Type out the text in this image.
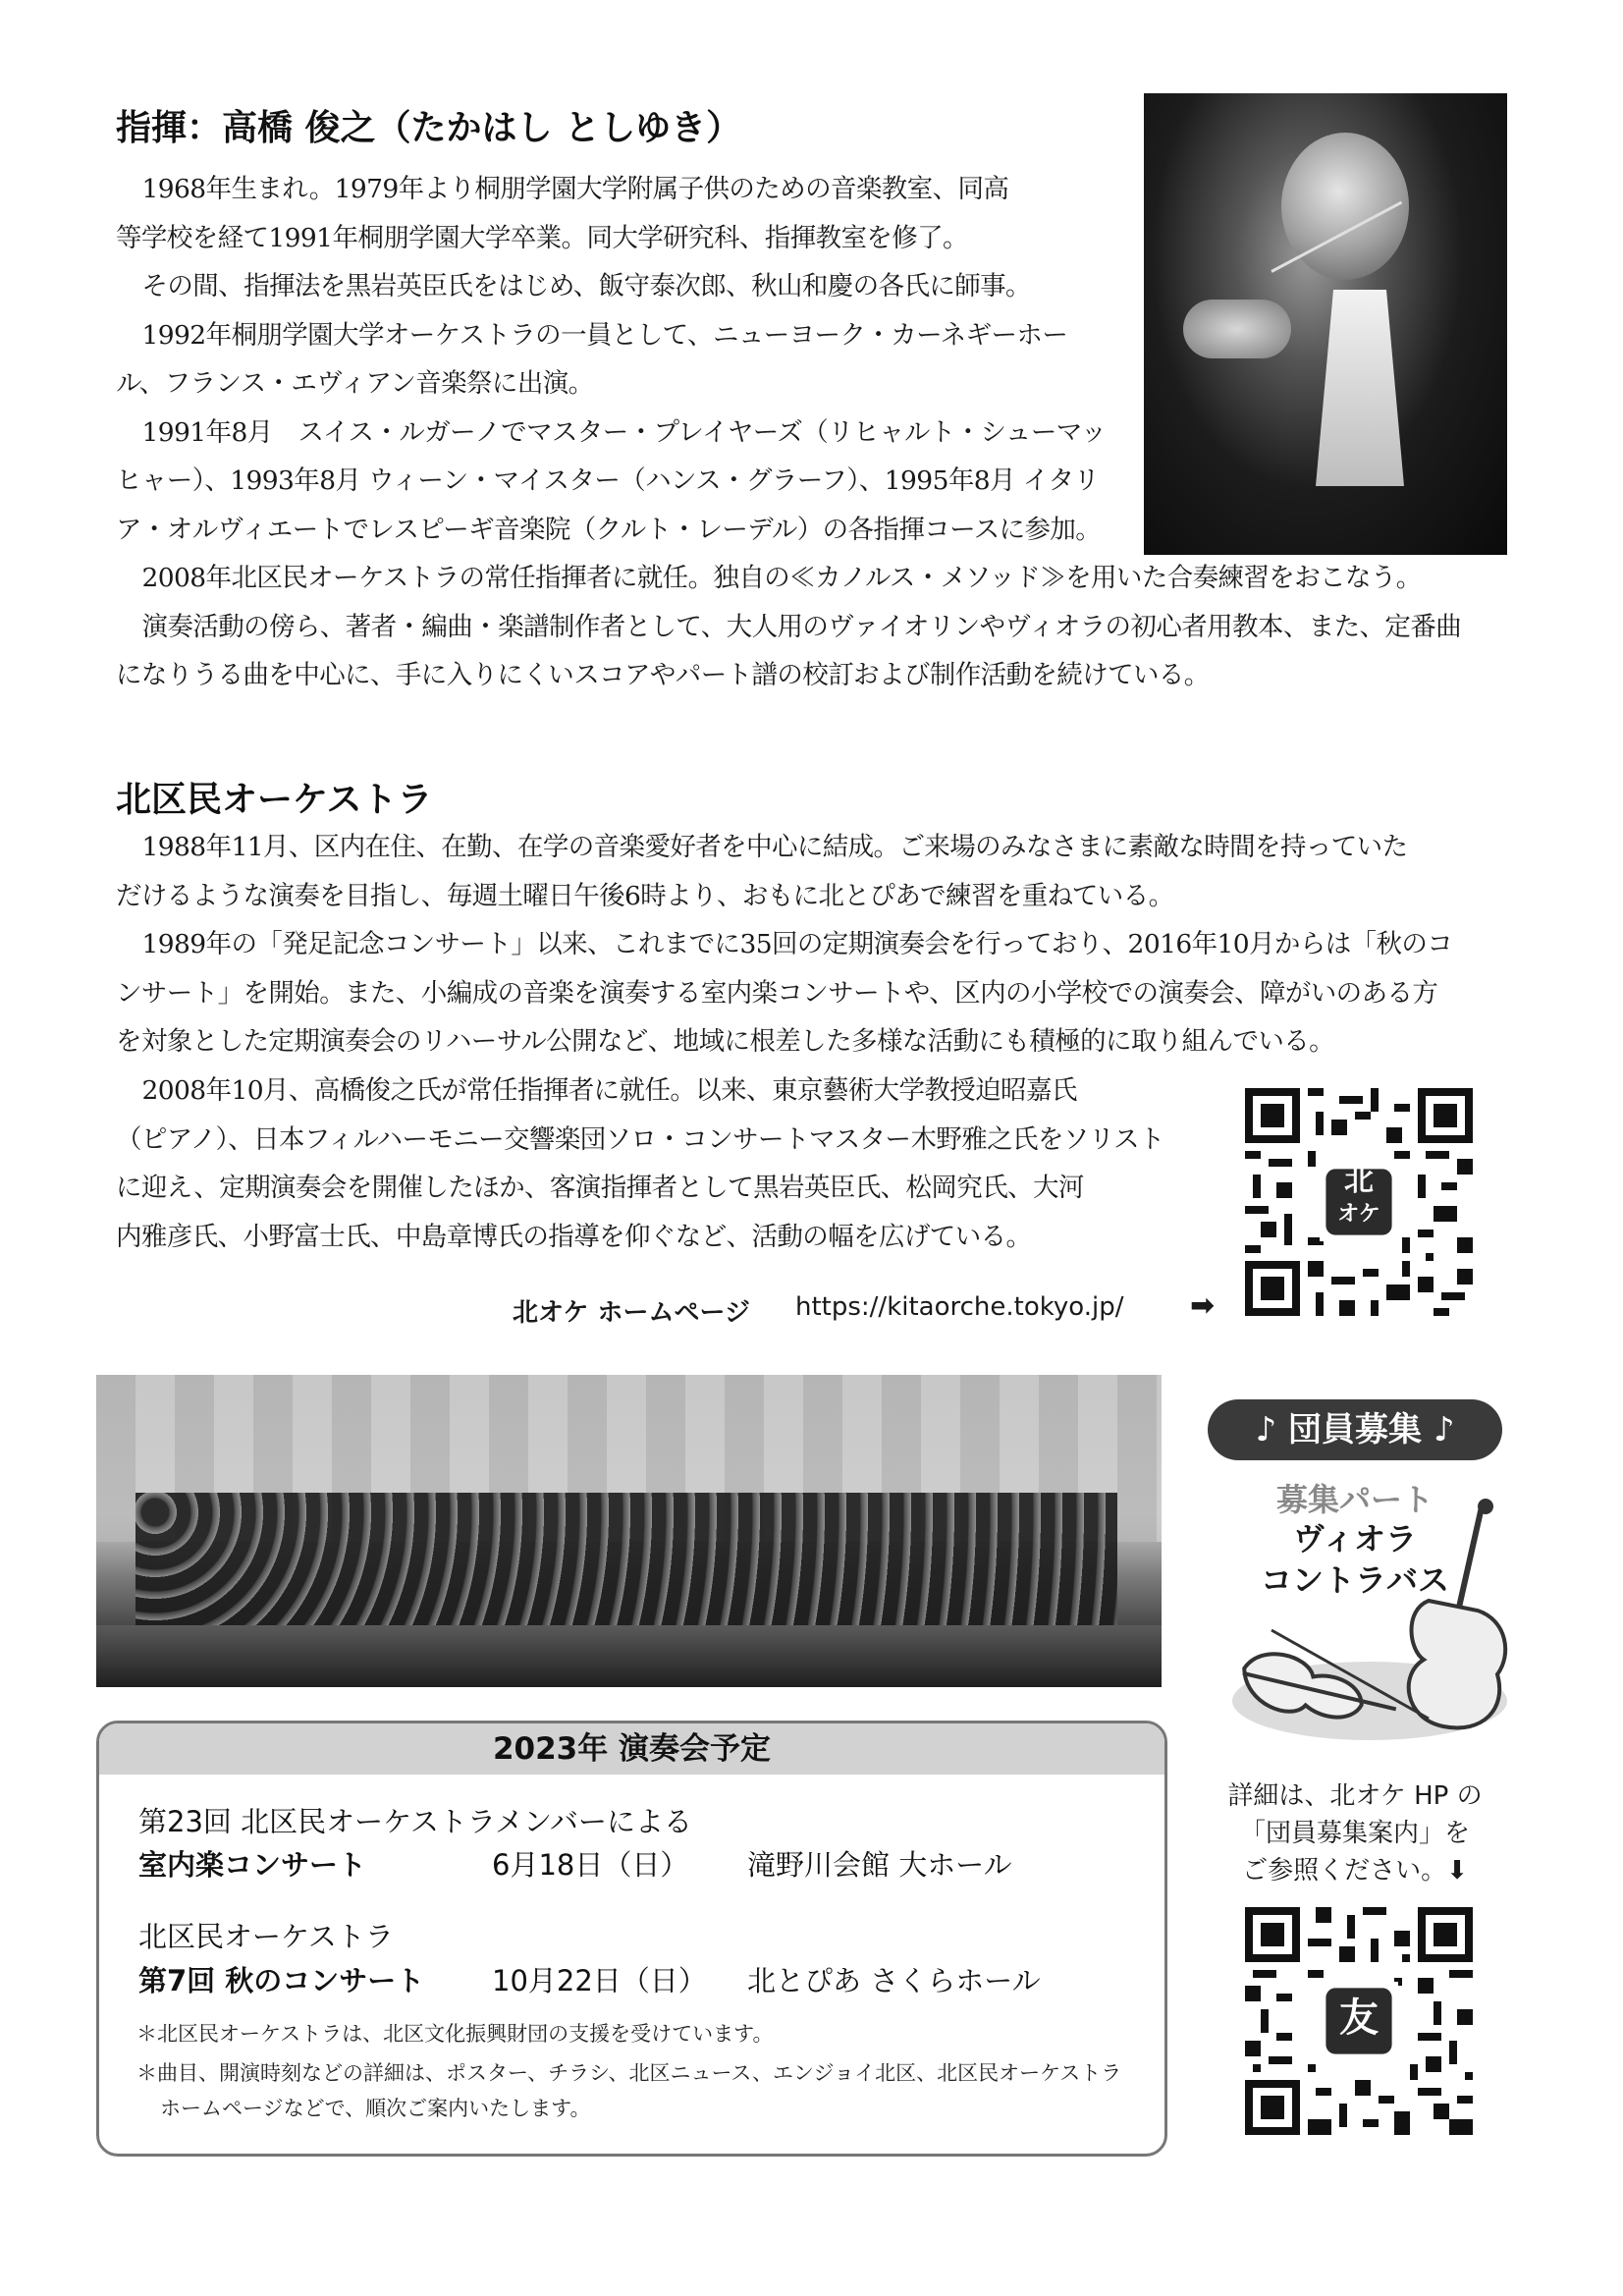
指揮：高橋 俊之（たかはし としゆき）

1968年生まれ。1979年より桐朋学園大学附属子供のための音楽教室、同高

等学校を経て1991年桐朋学園大学卒業。同大学研究科、指揮教室を修了。

その間、指揮法を黒岩英臣氏をはじめ、飯守泰次郎、秋山和慶の各氏に師事。

1992年桐朋学園大学オーケストラの一員として、ニューヨーク・カーネギーホー

ル、フランス・エヴィアン音楽祭に出演。

1991年8月　スイス・ルガーノでマスター・プレイヤーズ（リヒャルト・シューマッ

ヒャー）、1993年8月 ウィーン・マイスター（ハンス・グラーフ）、1995年8月 イタリ

ア・オルヴィエートでレスピーギ音楽院（クルト・レーデル）の各指揮コースに参加。

2008年北区民オーケストラの常任指揮者に就任。独自の≪カノルス・メソッド≫を用いた合奏練習をおこなう。

演奏活動の傍ら、著者・編曲・楽譜制作者として、大人用のヴァイオリンやヴィオラの初心者用教本、また、定番曲

になりうる曲を中心に、手に入りにくいスコアやパート譜の校訂および制作活動を続けている。

北区民オーケストラ

1988年11月、区内在住、在勤、在学の音楽愛好者を中心に結成。ご来場のみなさまに素敵な時間を持っていた

だけるような演奏を目指し、毎週土曜日午後6時より、おもに北とぴあで練習を重ねている。

1989年の「発足記念コンサート」以来、これまでに35回の定期演奏会を行っており、2016年10月からは「秋のコ

ンサート」を開始。また、小編成の音楽を演奏する室内楽コンサートや、区内の小学校での演奏会、障がいのある方

を対象とした定期演奏会のリハーサル公開など、地域に根差した多様な活動にも積極的に取り組んでいる。

2008年10月、高橋俊之氏が常任指揮者に就任。以来、東京藝術大学教授迫昭嘉氏

（ピアノ）、日本フィルハーモニー交響楽団ソロ・コンサートマスター木野雅之氏をソリスト

に迎え、定期演奏会を開催したほか、客演指揮者として黒岩英臣氏、松岡究氏、大河

内雅彦氏、小野富士氏、中島章博氏の指導を仰ぐなど、活動の幅を広げている。

北
オケ
北オケ ホームページ https://kitaorche.tokyo.jp/ ➡
♪ 団員募集 ♪
募集パート
ヴィオラ
コントラバス
詳細は、北オケ HP の
「団員募集案内」を
ご参照ください。⬇
友
2023年 演奏会予定
第23回 北区民オーケストラメンバーによる
室内楽コンサート	6月18日（日） 滝野川会館 大ホール
北区民オーケストラ
第7回 秋のコンサート 10月22日（日） 北とぴあ さくらホール
＊北区民オーケストラは、北区文化振興財団の支援を受けています。
＊曲目、開演時刻などの詳細は、ポスター、チラシ、北区ニュース、エンジョイ北区、北区民オーケストラ
ホームページなどで、順次ご案内いたします。
